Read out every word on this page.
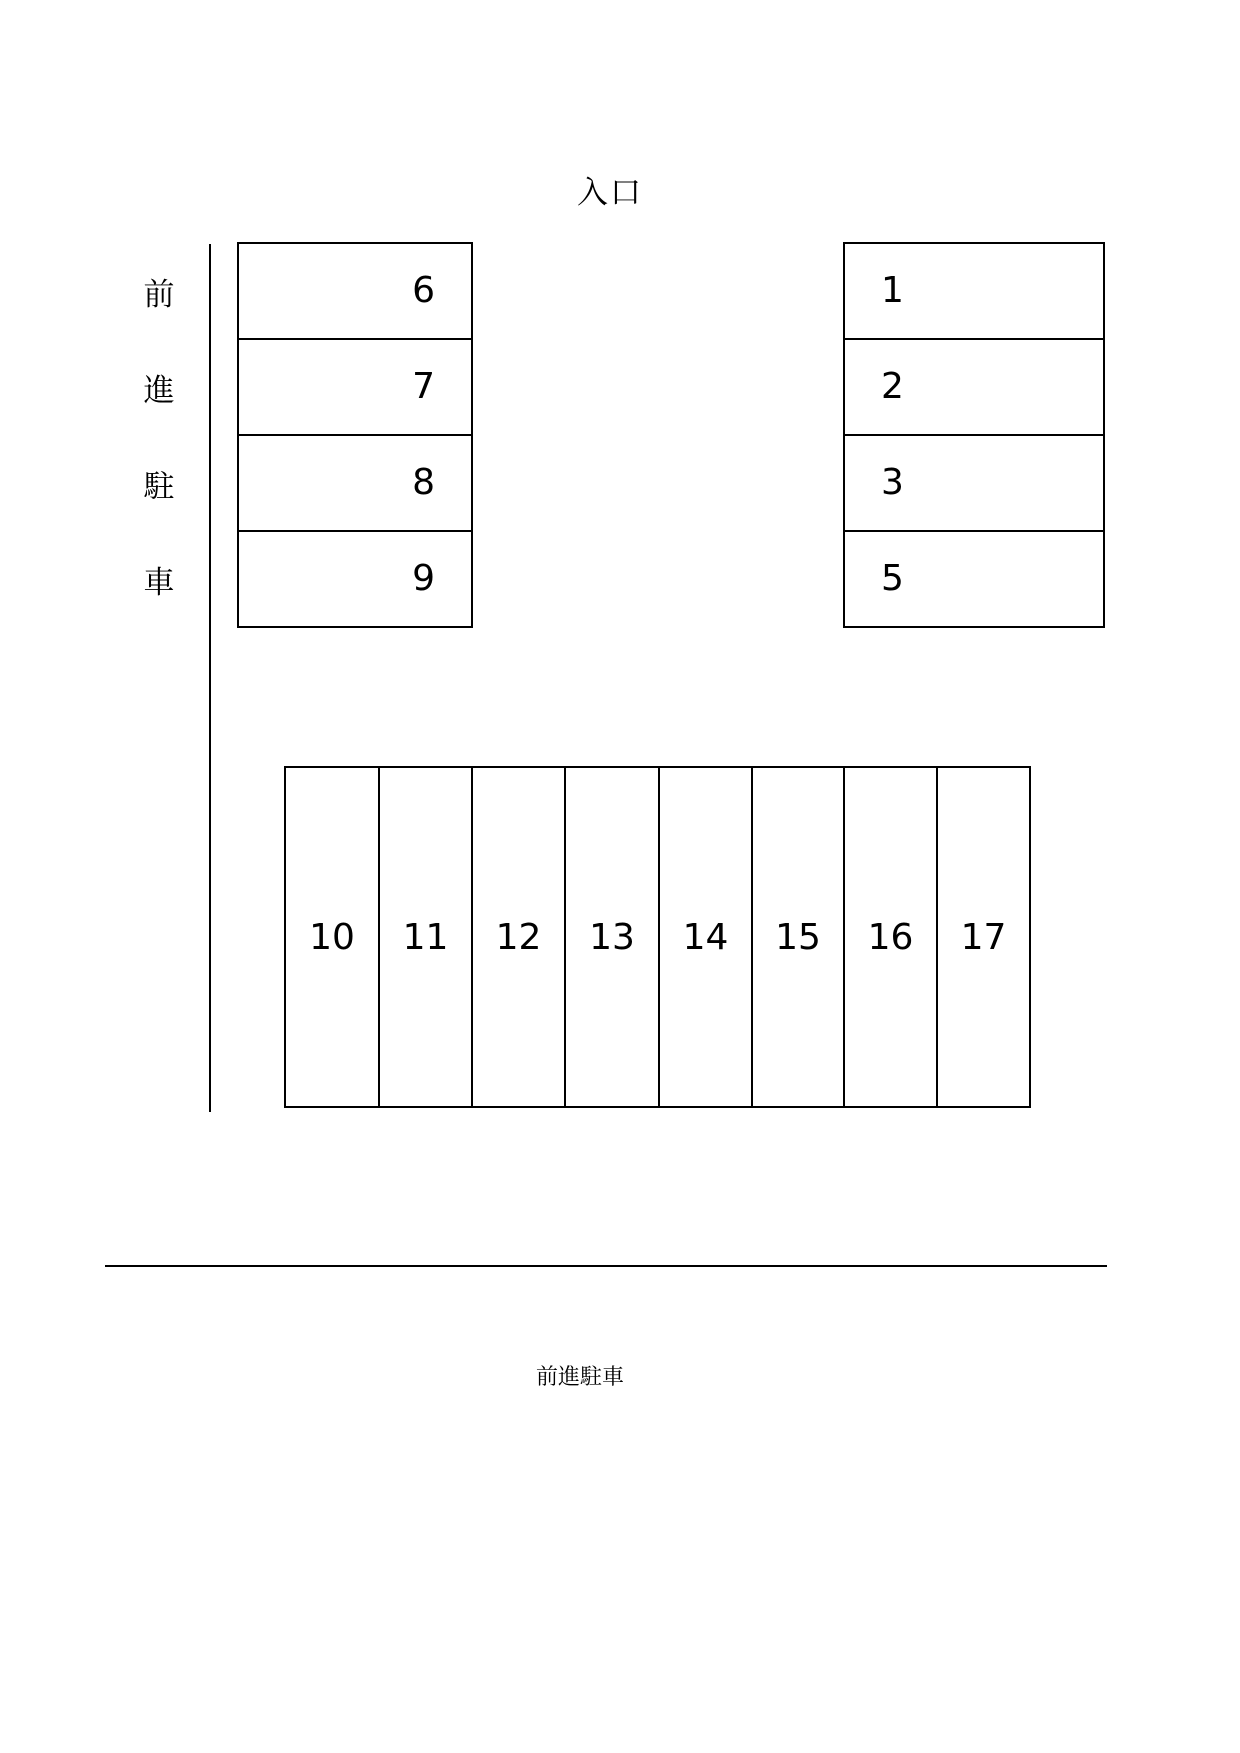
入口
前
進
駐
車
6
7
8
9
1
2
3
5
10	11	12	13	14	15	16	17
前進駐車
